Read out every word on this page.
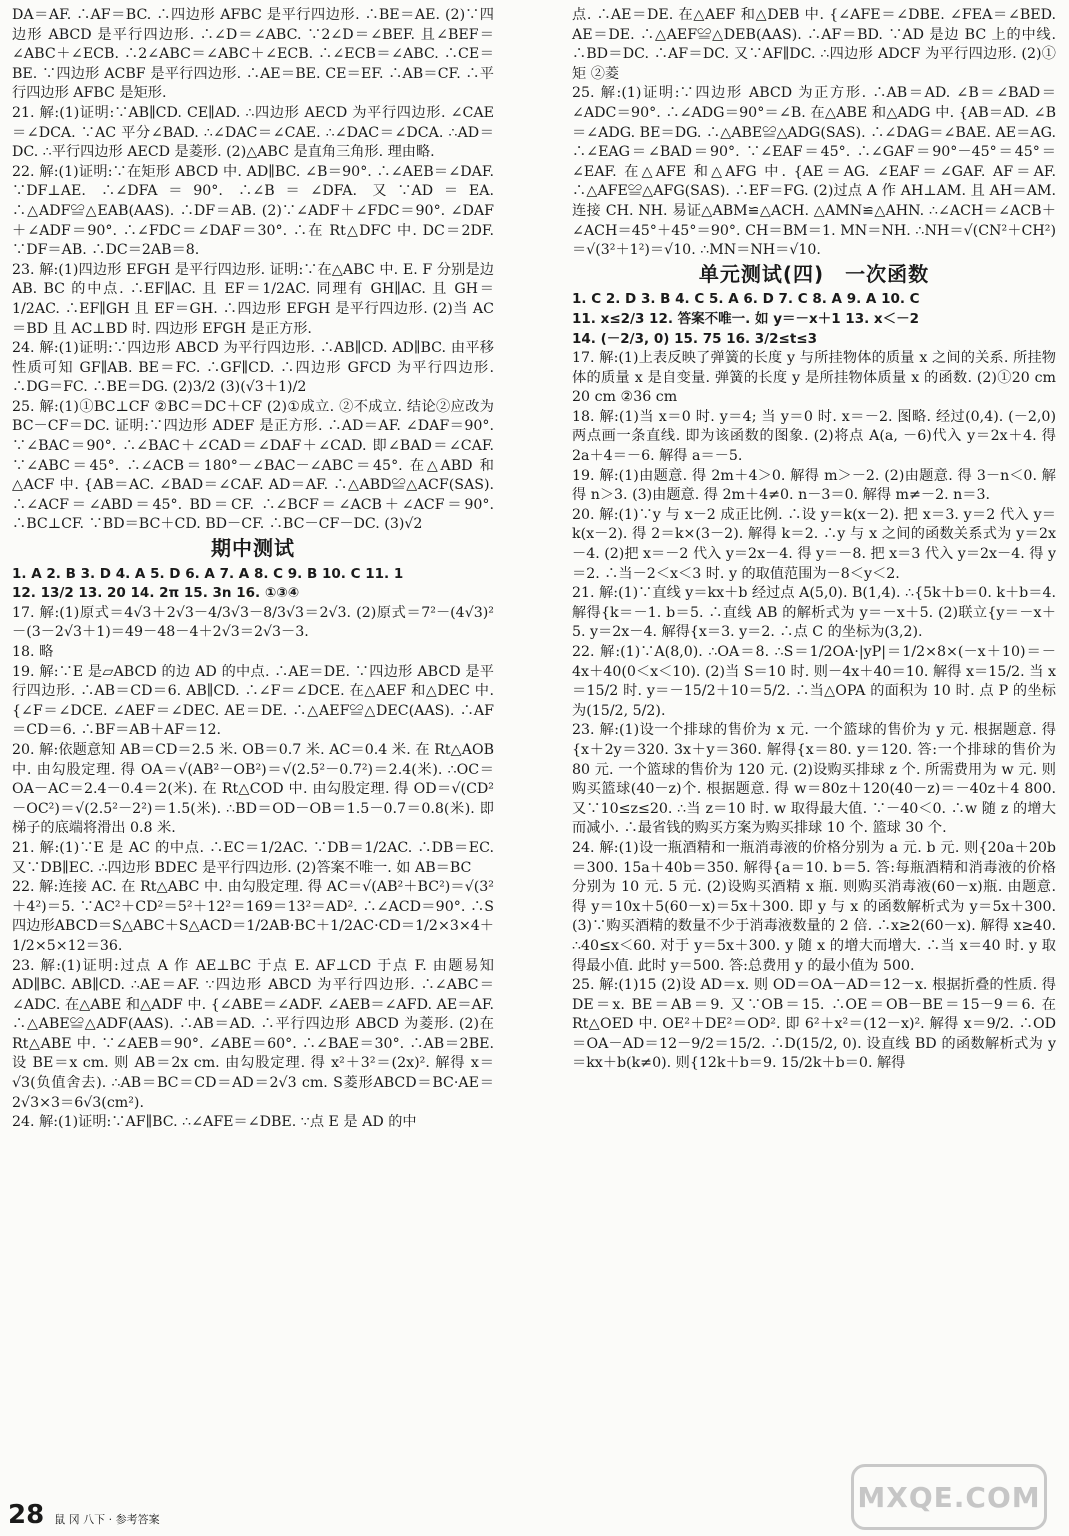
DA＝AF. ∴AF＝BC. ∴四边形 AFBC 是平行四边形. ∴BE＝AE. (2)∵四边形 ABCD 是平行四边形. ∴∠D＝∠ABC. ∵2∠D＝∠BEF. 且∠BEF＝∠ABC＋∠ECB. ∴2∠ABC＝∠ABC＋∠ECB. ∴∠ECB＝∠ABC. ∴CE＝BE. ∵四边形 ACBF 是平行四边形. ∴AE＝BE. CE＝EF. ∴AB＝CF. ∴平行四边形 AFBC 是矩形.

21. 解:(1)证明:∵AB∥CD. CE∥AD. ∴四边形 AECD 为平行四边形. ∠CAE＝∠DCA. ∵AC 平分∠BAD. ∴∠DAC＝∠CAE. ∴∠DAC＝∠DCA. ∴AD＝DC. ∴平行四边形 AECD 是菱形. (2)△ABC 是直角三角形. 理由略.

22. 解:(1)证明:∵在矩形 ABCD 中. AD∥BC. ∠B＝90°. ∴∠AEB＝∠DAF. ∵DF⊥AE. ∴∠DFA＝90°. ∴∠B＝∠DFA. 又∵AD＝EA. ∴△ADF≌△EAB(AAS). ∴DF＝AB. (2)∵∠ADF＋∠FDC＝90°. ∠DAF＋∠ADF＝90°. ∴∠FDC＝∠DAF＝30°. ∴在 Rt△DFC 中. DC＝2DF. ∵DF＝AB. ∴DC＝2AB＝8.

23. 解:(1)四边形 EFGH 是平行四边形. 证明:∵在△ABC 中. E. F 分别是边 AB. BC 的中点. ∴EF∥AC. 且 EF＝1/2AC. 同理有 GH∥AC. 且 GH＝1/2AC. ∴EF∥GH 且 EF＝GH. ∴四边形 EFGH 是平行四边形. (2)当 AC＝BD 且 AC⊥BD 时. 四边形 EFGH 是正方形.

24. 解:(1)证明:∵四边形 ABCD 为平行四边形. ∴AB∥CD. AD∥BC. 由平移性质可知 GF∥AB. BE＝FC. ∴GF∥CD. ∴四边形 GFCD 为平行四边形. ∴DG＝FC. ∴BE＝DG. (2)3/2 (3)(√3＋1)/2

25. 解:(1)①BC⊥CF ②BC＝DC＋CF (2)①成立. ②不成立. 结论②应改为 BC－CF＝DC. 证明:∵四边形 ADEF 是正方形. ∴AD＝AF. ∠DAF＝90°. ∵∠BAC＝90°. ∴∠BAC＋∠CAD＝∠DAF＋∠CAD. 即∠BAD＝∠CAF. ∵∠ABC＝45°. ∴∠ACB＝180°－∠BAC－∠ABC＝45°. 在△ABD 和△ACF 中. {AB＝AC. ∠BAD＝∠CAF. AD＝AF. ∴△ABD≌△ACF(SAS). ∴∠ACF＝∠ABD＝45°. BD＝CF. ∴∠BCF＝∠ACB＋∠ACF＝90°. ∴BC⊥CF. ∵BD＝BC＋CD. BD－CF. ∴BC－CF－DC. (3)√2

期中测试

1. A 2. B 3. D 4. A 5. D 6. A 7. A 8. C 9. B 10. C 11. 1

12. 13/2 13. 20 14. 2π 15. 3n 16. ①③④

17. 解:(1)原式＝4√3＋2√3－4/3√3－8/3√3＝2√3. (2)原式＝7²－(4√3)²－(3－2√3＋1)＝49－48－4＋2√3＝2√3－3.

18. 略

19. 解:∵E 是▱ABCD 的边 AD 的中点. ∴AE＝DE. ∵四边形 ABCD 是平行四边形. ∴AB＝CD＝6. AB∥CD. ∴∠F＝∠DCE. 在△AEF 和△DEC 中. {∠F＝∠DCE. ∠AEF＝∠DEC. AE＝DE. ∴△AEF≌△DEC(AAS). ∴AF＝CD＝6. ∴BF＝AB＋AF＝12.

20. 解:依题意知 AB＝CD＝2.5 米. OB＝0.7 米. AC＝0.4 米. 在 Rt△AOB 中. 由勾股定理. 得 OA＝√(AB²－OB²)＝√(2.5²－0.7²)＝2.4(米). ∴OC＝OA－AC＝2.4－0.4＝2(米). 在 Rt△COD 中. 由勾股定理. 得 OD＝√(CD²－OC²)＝√(2.5²－2²)＝1.5(米). ∴BD＝OD－OB＝1.5－0.7＝0.8(米). 即梯子的底端将滑出 0.8 米.

21. 解:(1)∵E 是 AC 的中点. ∴EC＝1/2AC. ∵DB＝1/2AC. ∴DB＝EC. 又∵DB∥EC. ∴四边形 BDEC 是平行四边形. (2)答案不唯一. 如 AB＝BC

22. 解:连接 AC. 在 Rt△ABC 中. 由勾股定理. 得 AC＝√(AB²＋BC²)＝√(3²＋4²)＝5. ∵AC²＋CD²＝5²＋12²＝169＝13²＝AD². ∴∠ACD＝90°. ∴S四边形ABCD＝S△ABC＋S△ACD＝1/2AB·BC＋1/2AC·CD＝1/2×3×4＋1/2×5×12＝36.

23. 解:(1)证明:过点 A 作 AE⊥BC 于点 E. AF⊥CD 于点 F. 由题易知 AD∥BC. AB∥CD. ∴AE＝AF. ∵四边形 ABCD 为平行四边形. ∴∠ABC＝∠ADC. 在△ABE 和△ADF 中. {∠ABE＝∠ADF. ∠AEB＝∠AFD. AE＝AF. ∴△ABE≌△ADF(AAS). ∴AB＝AD. ∴平行四边形 ABCD 为菱形. (2)在 Rt△ABE 中. ∵∠AEB＝90°. ∠ABE＝60°. ∴∠BAE＝30°. ∴AB＝2BE. 设 BE＝x cm. 则 AB＝2x cm. 由勾股定理. 得 x²＋3²＝(2x)². 解得 x＝√3(负值舍去). ∴AB＝BC＝CD＝AD＝2√3 cm. S菱形ABCD＝BC·AE＝2√3×3＝6√3(cm²).

24. 解:(1)证明:∵AF∥BC. ∴∠AFE＝∠DBE. ∵点 E 是 AD 的中

点. ∴AE＝DE. 在△AEF 和△DEB 中. {∠AFE＝∠DBE. ∠FEA＝∠BED. AE＝DE. ∴△AEF≌△DEB(AAS). ∴AF＝BD. ∵AD 是边 BC 上的中线. ∴BD＝DC. ∴AF＝DC. 又∵AF∥DC. ∴四边形 ADCF 为平行四边形. (2)①矩 ②菱

25. 解:(1)证明:∵四边形 ABCD 为正方形. ∴AB＝AD. ∠B＝∠BAD＝∠ADC＝90°. ∴∠ADG＝90°＝∠B. 在△ABE 和△ADG 中. {AB＝AD. ∠B＝∠ADG. BE＝DG. ∴△ABE≌△ADG(SAS). ∴∠DAG＝∠BAE. AE＝AG. ∴∠EAG＝∠BAD＝90°. ∵∠EAF＝45°. ∴∠GAF＝90°－45°＝45°＝∠EAF. 在△AFE 和△AFG 中. {AE＝AG. ∠EAF＝∠GAF. AF＝AF. ∴△AFE≌△AFG(SAS). ∴EF＝FG. (2)过点 A 作 AH⊥AM. 且 AH＝AM. 连接 CH. NH. 易证△ABM≌△ACH. △AMN≌△AHN. ∴∠ACH＝∠ACB＋∠ACH＝45°＋45°＝90°. CH＝BM＝1. MN＝NH. ∴NH＝√(CN²＋CH²)＝√(3²＋1²)＝√10. ∴MN＝NH＝√10.

单元测试(四)　一次函数

1. C 2. D 3. B 4. C 5. A 6. D 7. C 8. A 9. A 10. C

11. x≤2/3 12. 答案不唯一. 如 y＝－x＋1 13. x＜－2

14. (－2/3, 0) 15. 75 16. 3/2≤t≤3

17. 解:(1)上表反映了弹簧的长度 y 与所挂物体的质量 x 之间的关系. 所挂物体的质量 x 是自变量. 弹簧的长度 y 是所挂物体质量 x 的函数. (2)①20 cm 20 cm ②36 cm

18. 解:(1)当 x＝0 时. y＝4; 当 y＝0 时. x＝－2. 图略. 经过(0,4). (－2,0)两点画一条直线. 即为该函数的图象. (2)将点 A(a, －6)代入 y＝2x＋4. 得 2a＋4＝－6. 解得 a＝－5.

19. 解:(1)由题意. 得 2m＋4＞0. 解得 m＞－2. (2)由题意. 得 3－n＜0. 解得 n＞3. (3)由题意. 得 2m＋4≠0. n－3＝0. 解得 m≠－2. n＝3.

20. 解:(1)∵y 与 x－2 成正比例. ∴设 y＝k(x－2). 把 x＝3. y＝2 代入 y＝k(x－2). 得 2＝k×(3－2). 解得 k＝2. ∴y 与 x 之间的函数关系式为 y＝2x－4. (2)把 x＝－2 代入 y＝2x－4. 得 y＝－8. 把 x＝3 代入 y＝2x－4. 得 y＝2. ∴当－2＜x＜3 时. y 的取值范围为－8＜y＜2.

21. 解:(1)∵直线 y＝kx＋b 经过点 A(5,0). B(1,4). ∴{5k＋b＝0. k＋b＝4. 解得{k＝－1. b＝5. ∴直线 AB 的解析式为 y＝－x＋5. (2)联立{y＝－x＋5. y＝2x－4. 解得{x＝3. y＝2. ∴点 C 的坐标为(3,2).

22. 解:(1)∵A(8,0). ∴OA＝8. ∴S＝1/2OA·|yP|＝1/2×8×(－x＋10)＝－4x＋40(0＜x＜10). (2)当 S＝10 时. 则－4x＋40＝10. 解得 x＝15/2. 当 x＝15/2 时. y＝－15/2＋10＝5/2. ∴当△OPA 的面积为 10 时. 点 P 的坐标为(15/2, 5/2).

23. 解:(1)设一个排球的售价为 x 元. 一个篮球的售价为 y 元. 根据题意. 得{x＋2y＝320. 3x＋y＝360. 解得{x＝80. y＝120. 答:一个排球的售价为 80 元. 一个篮球的售价为 120 元. (2)设购买排球 z 个. 所需费用为 w 元. 则购买篮球(40－z)个. 根据题意. 得 w＝80z＋120(40－z)＝－40z＋4 800. 又∵10≤z≤20. ∴当 z＝10 时. w 取得最大值. ∵－40＜0. ∴w 随 z 的增大而减小. ∴最省钱的购买方案为购买排球 10 个. 篮球 30 个.

24. 解:(1)设一瓶酒精和一瓶消毒液的价格分别为 a 元. b 元. 则{20a＋20b＝300. 15a＋40b＝350. 解得{a＝10. b＝5. 答:每瓶酒精和消毒液的价格分别为 10 元. 5 元. (2)设购买酒精 x 瓶. 则购买消毒液(60－x)瓶. 由题意. 得 y＝10x＋5(60－x)＝5x＋300. 即 y 与 x 的函数解析式为 y＝5x＋300. (3)∵购买酒精的数量不少于消毒液数量的 2 倍. ∴x≥2(60－x). 解得 x≥40. ∴40≤x＜60. 对于 y＝5x＋300. y 随 x 的增大而增大. ∴当 x＝40 时. y 取得最小值. 此时 y＝500. 答:总费用 y 的最小值为 500.

25. 解:(1)15 (2)设 AD＝x. 则 OD＝OA－AD＝12－x. 根据折叠的性质. 得 DE＝x. BE＝AB＝9. 又∵OB＝15. ∴OE＝OB－BE＝15－9＝6. 在 Rt△OED 中. OE²＋DE²＝OD². 即 6²＋x²＝(12－x)². 解得 x＝9/2. ∴OD＝OA－AD＝12－9/2＝15/2. ∴D(15/2, 0). 设直线 BD 的函数解析式为 y＝kx＋b(k≠0). 则{12k＋b＝9. 15/2k＋b＝0. 解得

28 鼠 冈 八下 · 参考答案
MXQE.COM
